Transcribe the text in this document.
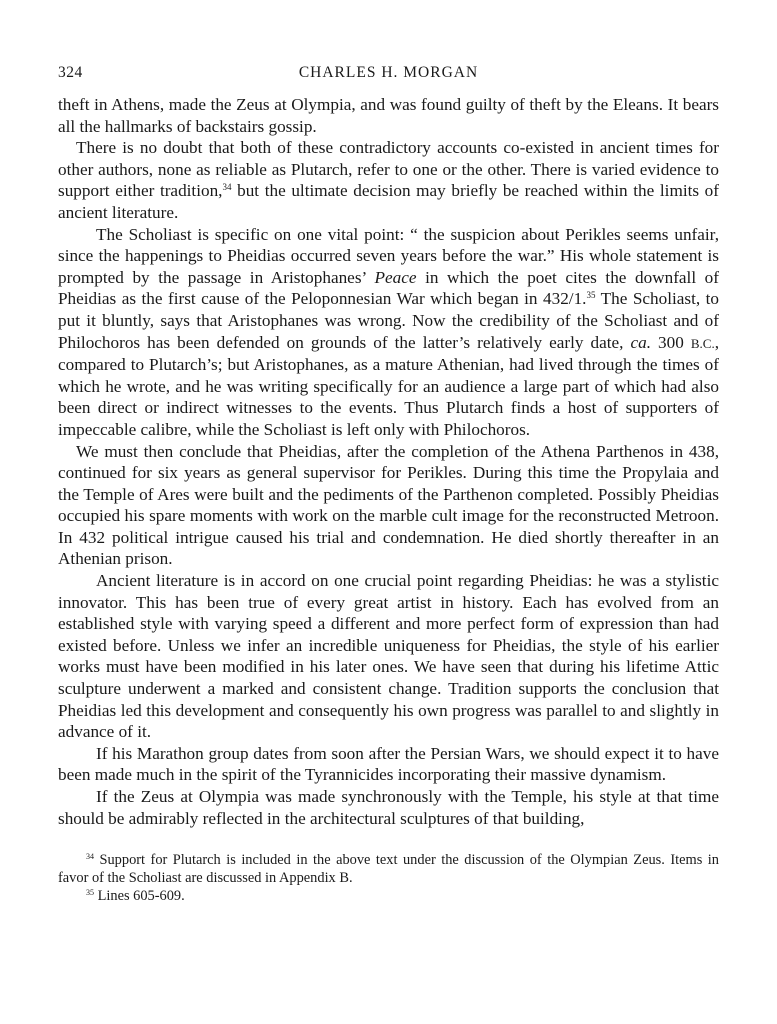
324	CHARLES H. MORGAN

theft in Athens, made the Zeus at Olympia, and was found guilty of theft by the Eleans. It bears all the hallmarks of backstairs gossip.

There is no doubt that both of these contradictory accounts co-existed in ancient times for other authors, none as reliable as Plutarch, refer to one or the other. There is varied evidence to support either tradition,$^{34}$ but the ultimate decision may briefly be reached within the limits of ancient literature.

The Scholiast is specific on one vital point: “ the suspicion about Perikles seems unfair, since the happenings to Pheidias occurred seven years before the war.” His whole statement is prompted by the passage in Aristophanes’ Peace in which the poet cites the downfall of Pheidias as the first cause of the Peloponnesian War which began in 432/1.35 The Scholiast, to put it bluntly, says that Aristophanes was wrong. Now the credibility of the Scholiast and of Philochoros has been defended on grounds of the latter’s relatively early date, ca. 300 B.C., compared to Plutarch’s; but Aristophanes, as a mature Athenian, had lived through the times of which he wrote, and he was writing specifically for an audience a large part of which had also been direct or indirect witnesses to the events. Thus Plutarch finds a host of supporters of impeccable calibre, while the Scholiast is left only with Philochoros.

We must then conclude that Pheidias, after the completion of the Athena Parthenos in 438, continued for six years as general supervisor for Perikles. During this time the Propylaia and the Temple of Ares were built and the pediments of the Parthenon completed. Possibly Pheidias occupied his spare moments with work on the marble cult image for the reconstructed Metroon. In 432 political intrigue caused his trial and condemnation. He died shortly thereafter in an Athenian prison.

Ancient literature is in accord on one crucial point regarding Pheidias: he was a stylistic innovator. This has been true of every great artist in history. Each has evolved from an established style with varying speed a different and more perfect form of expression than had existed before. Unless we infer an incredible uniqueness for Pheidias, the style of his earlier works must have been modified in his later ones. We have seen that during his lifetime Attic sculpture underwent a marked and consistent change. Tradition supports the conclusion that Pheidias led this development and consequently his own progress was parallel to and slightly in advance of it.

If his Marathon group dates from soon after the Persian Wars, we should expect it to have been made much in the spirit of the Tyrannicides incorporating their massive dynamism.

If the Zeus at Olympia was made synchronously with the Temple, his style at that time should be admirably reflected in the architectural sculptures of that building,

$^{34}$ Support for Plutarch is included in the above text under the discussion of the Olympian Zeus. Items in favor of the Scholiast are discussed in Appendix B.

$^{35}$ Lines 605-609.
